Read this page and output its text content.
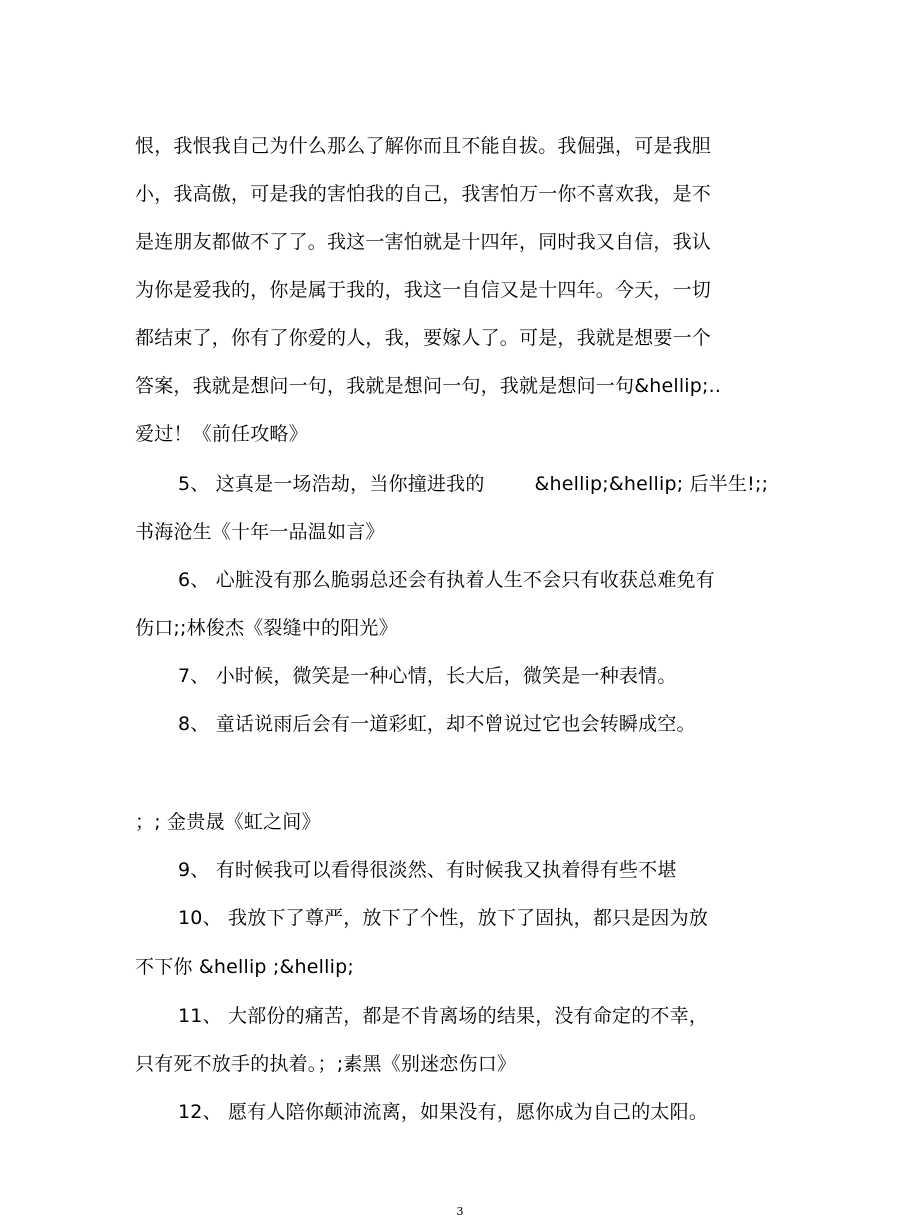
恨，我恨我自己为什么那么了解你而且不能自拔。我倔强，可是我胆
小，我高傲，可是我的害怕我的自己，我害怕万一你不喜欢我，是不
是连朋友都做不了了。我这一害怕就是十四年，同时我又自信，我认
为你是爱我的，你是属于我的，我这一自信又是十四年。今天，一切
都结束了，你有了你爱的人，我，要嫁人了。可是，我就是想要一个
答案，我就是想问一句，我就是想问一句，我就是想问一句&hellip;..
爱过！《前任攻略》
5、 这真是一场浩劫，当你撞进我的        &hellip;&hellip; 后半生!;;
书海沧生《十年一品温如言》
6、 心脏没有那么脆弱总还会有执着人生不会只有收获总难免有
伤口;;林俊杰《裂缝中的阳光》
7、 小时候，微笑是一种心情，长大后，微笑是一种表情。
8、 童话说雨后会有一道彩虹，却不曾说过它也会转瞬成空。
；; 金贵晟《虹之间》
9、 有时候我可以看得很淡然、有时候我又执着得有些不堪
10、 我放下了尊严，放下了个性，放下了固执，都只是因为放
不下你 &hellip ;&hellip;
11、 大部份的痛苦，都是不肯离场的结果，没有命定的不幸，
只有死不放手的执着。；;素黑《别迷恋伤口》
12、 愿有人陪你颠沛流离，如果没有，愿你成为自己的太阳。
3
